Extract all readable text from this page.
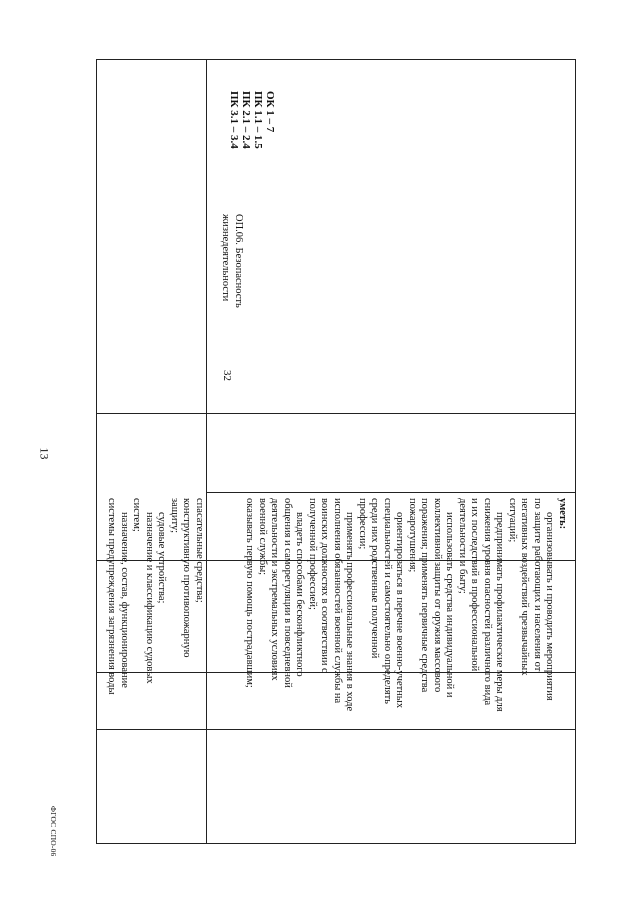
13
ФГОС СПО-06

спасательные средства;

конструктивную противопожарную

защиту;

судовые устройства;

назначение и классификацию судовых

систем;

назначение, состав, функционирование

системы предупреждения загрязнения воды	уметь:

организовывать и проводить мероприятия

по защите работающих и населения от

негативных воздействий чрезвычайных

ситуаций;

предпринимать профилактические меры для

снижения уровня опасностей различного вида

и их последствий в профессиональной

деятельности и быту;

использовать средства индивидуальной и

коллективной защиты от оружия массового

поражения; применять первичные средства

пожаротушения;

ориентироваться в перечне военно-учетных

специальностей и самостоятельно определять

среди них родственные полученной

профессии;

применять профессиональные знания в ходе

исполнения обязанностей военной службы на

воинских должностях в соответствии с

полученной профессией;

владеть способами бесконфликтного

общения и саморегуляции в повседневной

деятельности и экстремальных условиях

военной службы;

оказывать первую помощь пострадавшим;

32

ОП.06. Безопасность

жизнедеятельности

ОК 1 – 7

ПК 1.1 – 1.5

ПК 2.1 – 2.4

ПК 3.1 – 3.4
